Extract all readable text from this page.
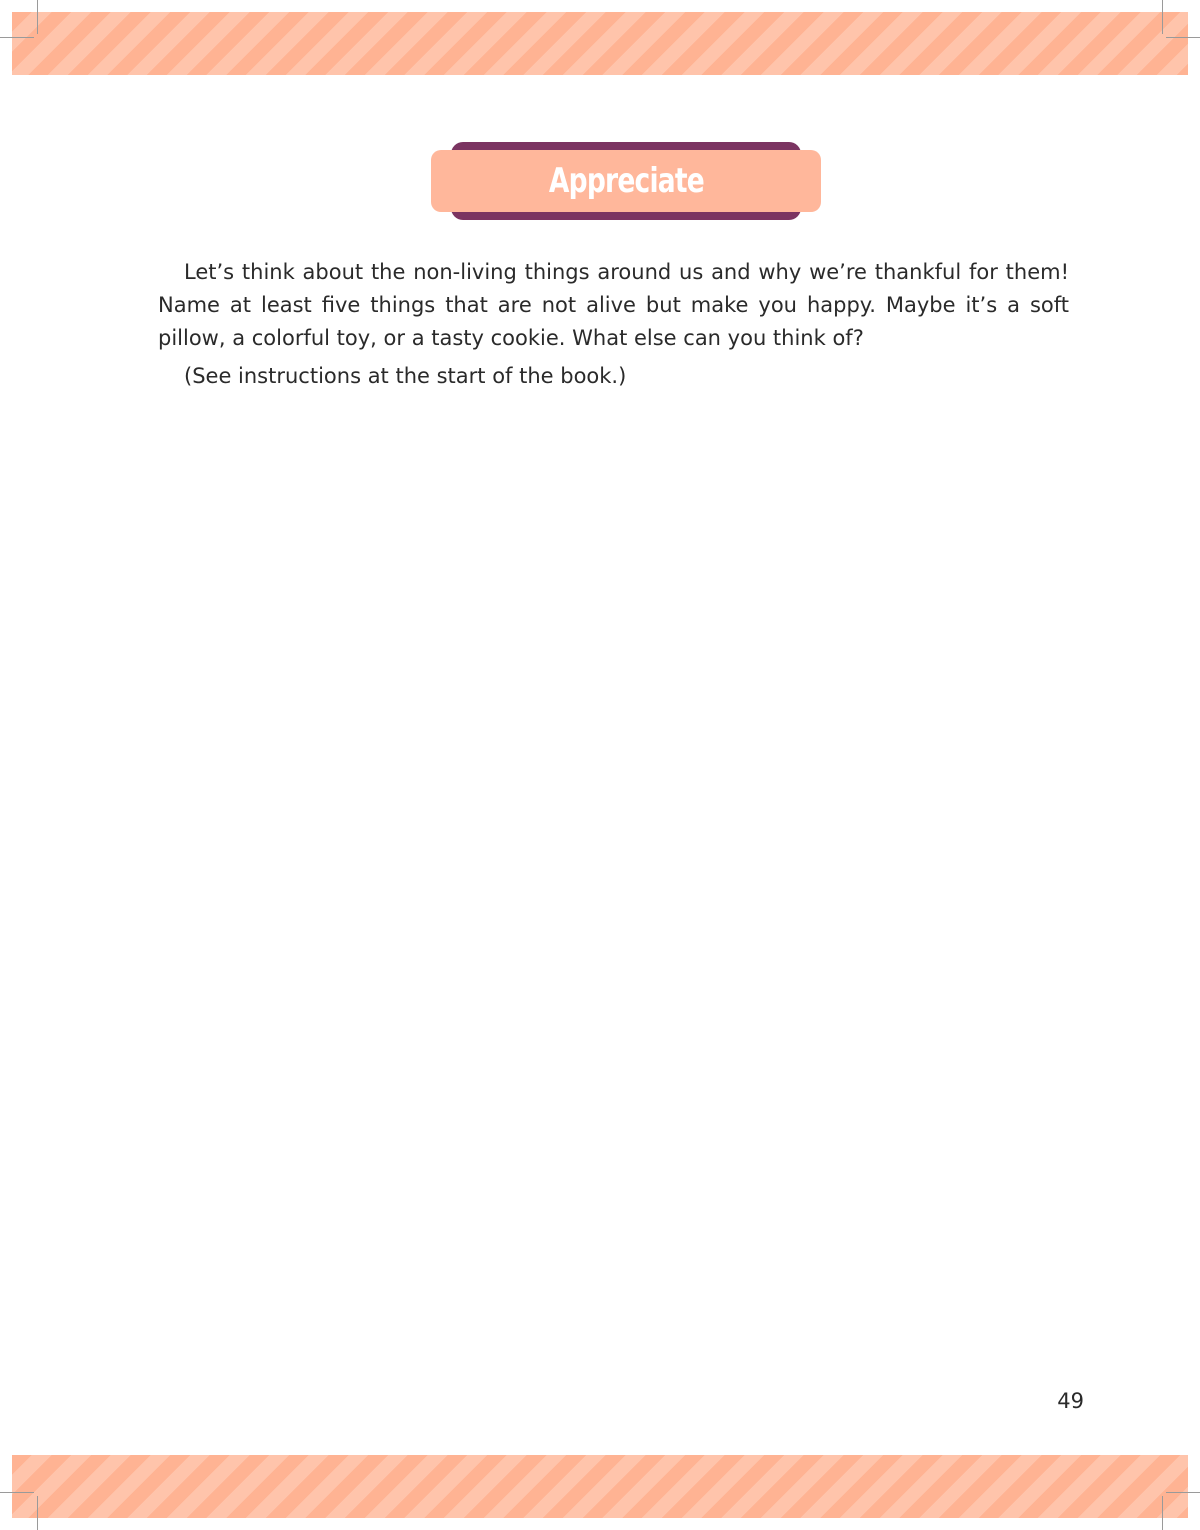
Appreciate

Let’s think about the non-living things around us and why we’re thankful for them! Name at least five things that are not alive but make you happy. Maybe it’s a soft pillow, a colorful toy, or a tasty cookie. What else can you think of?

(See instructions at the start of the book.)

49
